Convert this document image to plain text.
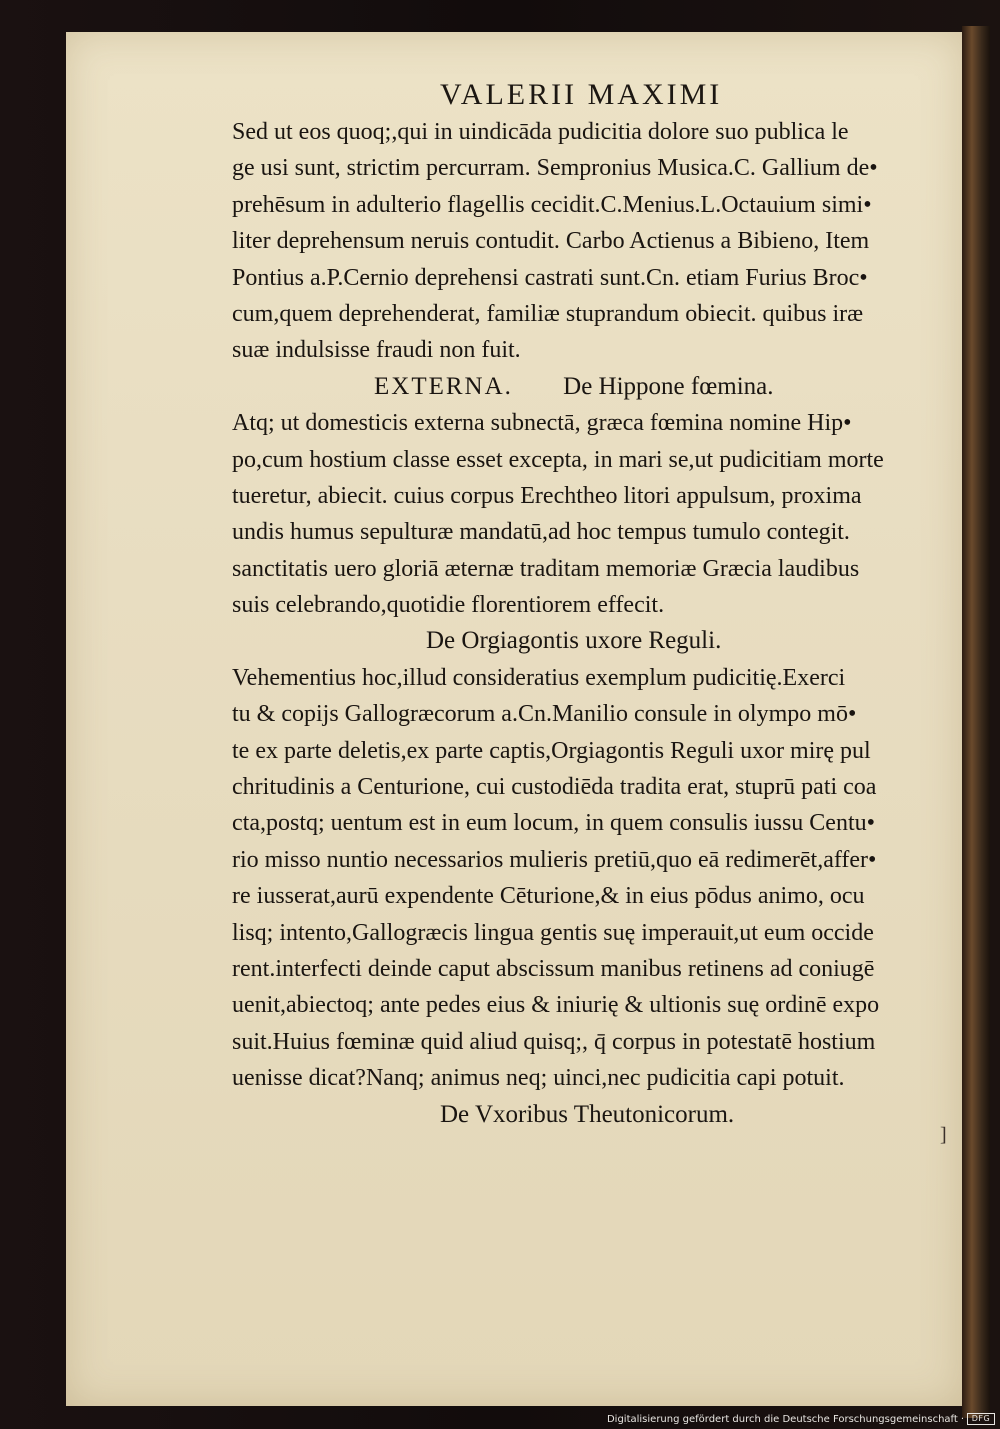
VALERII MAXIMI
Sed ut eos quoq;,qui in uindicāda pudicitia dolore suo publica le
ge usi sunt, strictim percurram. Sempronius Musica.C. Gallium de•
prehēsum in adulterio flagellis cecidit.C.Menius.L.Octauium simi•
liter deprehensum neruis contudit. Carbo Actienus a Bibieno, Item
Pontius a.P.Cernio deprehensi castrati sunt.Cn. etiam Furius Broc•
cum,quem deprehenderat, familiæ stuprandum obiecit. quibus iræ
suæ indulsisse fraudi non fuit.
EXTERNA. De Hippone fœmina.
Atq; ut domesticis externa subnectā, græca fœmina nomine Hip•
po,cum hostium classe esset excepta, in mari se,ut pudicitiam morte
tueretur, abiecit. cuius corpus Erechtheo litori appulsum, proxima
undis humus sepulturæ mandatū,ad hoc tempus tumulo contegit.
sanctitatis uero gloriā æternæ traditam memoriæ Græcia laudibus
suis celebrando,quotidie florentiorem effecit.
De Orgiagontis uxore Reguli.
Vehementius hoc,illud consideratius exemplum pudicitię.Exerci
tu & copijs Gallogræcorum a.Cn.Manilio consule in olympo mō•
te ex parte deletis,ex parte captis,Orgiagontis Reguli uxor mirę pul
chritudinis a Centurione, cui custodiēda tradita erat, stuprū pati coa
cta,postq; uentum est in eum locum, in quem consulis iussu Centu•
rio misso nuntio necessarios mulieris pretiū,quo eā redimerēt,affer•
re iusserat,aurū expendente Cēturione,& in eius pōdus animo, ocu
lisq; intento,Gallogræcis lingua gentis suę imperauit,ut eum occide
rent.interfecti deinde caput abscissum manibus retinens ad coniugē
uenit,abiectoq; ante pedes eius & iniurię & ultionis suę ordinē expo
suit.Huius fœminæ quid aliud quisq;, q̄ corpus in potestatē hostium
uenisse dicat?Nanq; animus neq; uinci,nec pudicitia capi potuit.
De Vxoribus Theutonicorum.
]
Digitalisierung gefördert durch die Deutsche Forschungsgemeinschaft · DFG
